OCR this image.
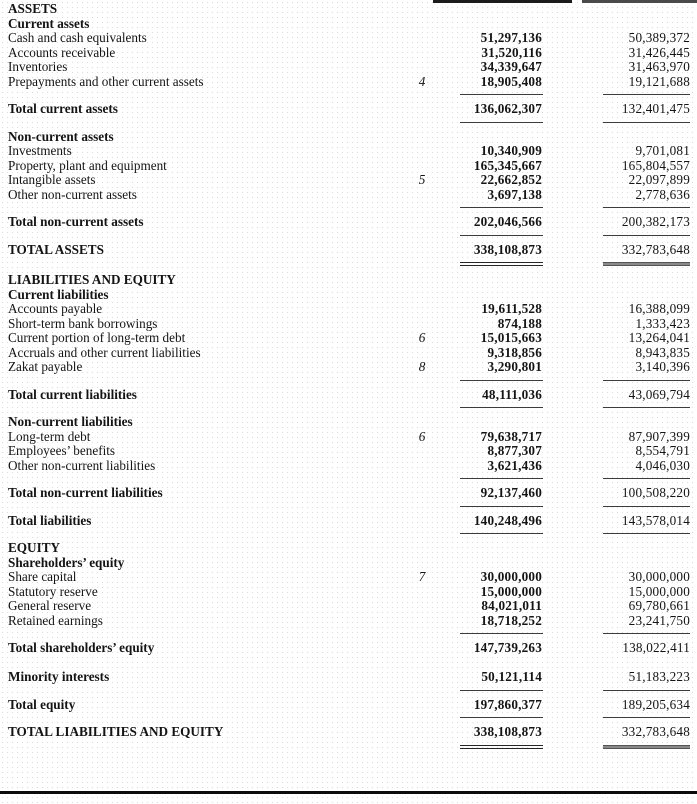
ASSETS
Current assets
Cash and cash equivalents	51,297,136	50,389,372
Accounts receivable	31,520,116	31,426,445
Inventories	34,339,647	31,463,970
Prepayments and other current assets	4	18,905,408	19,121,688
Total current assets	136,062,307	132,401,475
Non-current assets
Investments	10,340,909	9,701,081
Property, plant and equipment	165,345,667	165,804,557
Intangible assets	5	22,662,852	22,097,899
Other non-current assets	3,697,138	2,778,636
Total non-current assets	202,046,566	200,382,173
TOTAL ASSETS	338,108,873	332,783,648
LIABILITIES AND EQUITY
Current liabilities
Accounts payable	19,611,528	16,388,099
Short-term bank borrowings	874,188	1,333,423
Current portion of long-term debt	6	15,015,663	13,264,041
Accruals and other current liabilities	9,318,856	8,943,835
Zakat payable	8	3,290,801	3,140,396
Total current liabilities	48,111,036	43,069,794
Non-current liabilities
Long-term debt	6	79,638,717	87,907,399
Employees’ benefits	8,877,307	8,554,791
Other non-current liabilities	3,621,436	4,046,030
Total non-current liabilities	92,137,460	100,508,220
Total liabilities	140,248,496	143,578,014
EQUITY
Shareholders’ equity
Share capital	7	30,000,000	30,000,000
Statutory reserve	15,000,000	15,000,000
General reserve	84,021,011	69,780,661
Retained earnings	18,718,252	23,241,750
Total shareholders’ equity	147,739,263	138,022,411
Minority interests	50,121,114	51,183,223
Total equity	197,860,377	189,205,634
TOTAL LIABILITIES AND EQUITY	338,108,873	332,783,648
